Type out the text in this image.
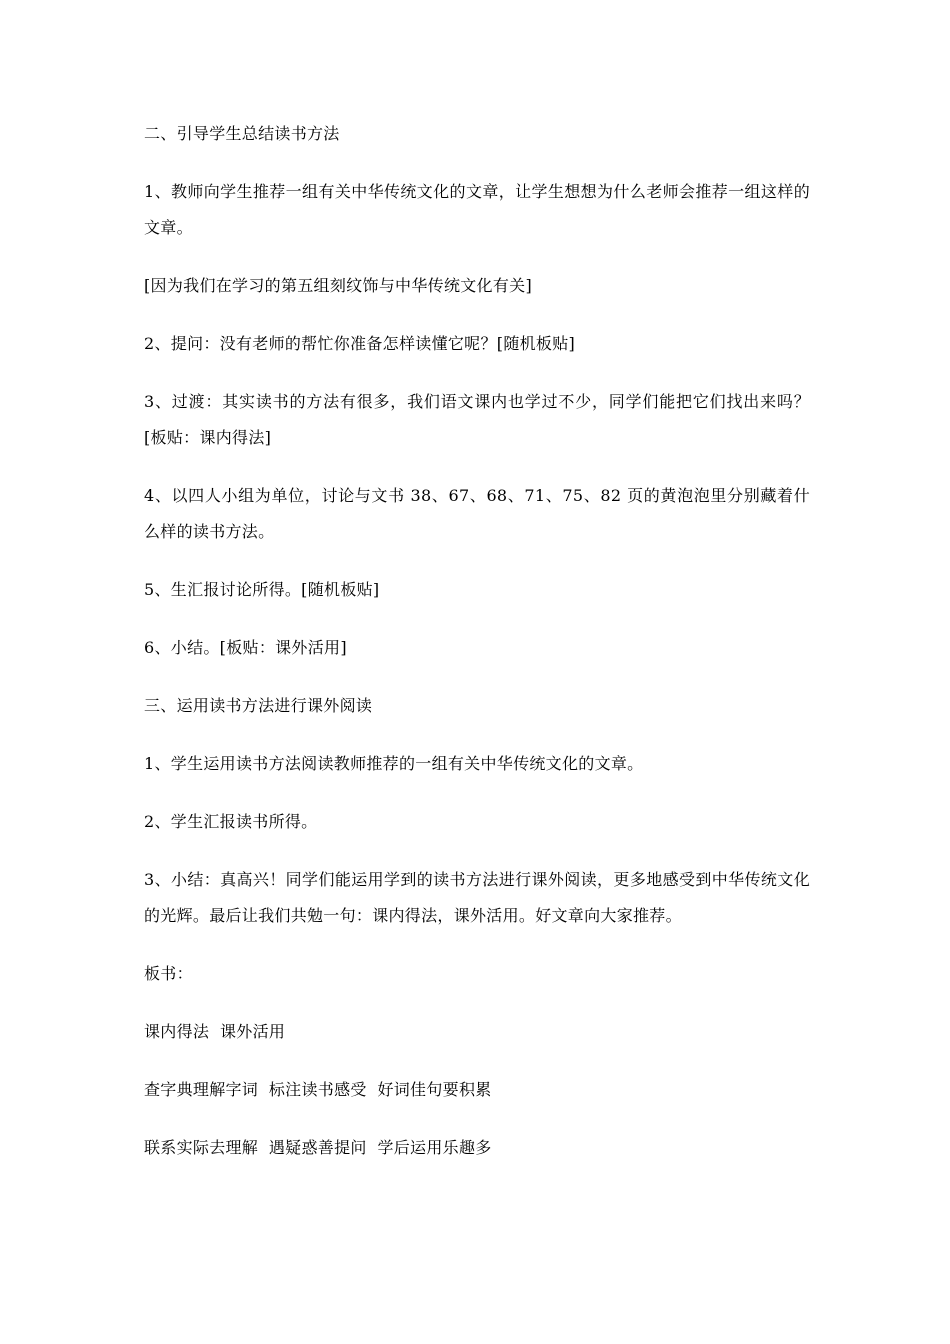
二、引导学生总结读书方法

1、教师向学生推荐一组有关中华传统文化的文章，让学生想想为什么老师会推荐一组这样的文章。

[因为我们在学习的第五组刻纹饰与中华传统文化有关]

2、提问：没有老师的帮忙你准备怎样读懂它呢？[随机板贴]

3、过渡：其实读书的方法有很多，我们语文课内也学过不少，同学们能把它们找出来吗？[板贴：课内得法]

4、以四人小组为单位，讨论与文书 38、67、68、71、75、82 页的黄泡泡里分别藏着什么样的读书方法。

5、生汇报讨论所得。[随机板贴]

6、小结。[板贴：课外活用]

三、运用读书方法进行课外阅读

1、学生运用读书方法阅读教师推荐的一组有关中华传统文化的文章。

2、学生汇报读书所得。

3、小结：真高兴！同学们能运用学到的读书方法进行课外阅读，更多地感受到中华传统文化的光辉。最后让我们共勉一句：课内得法，课外活用。好文章向大家推荐。

板书：

课内得法  课外活用

查字典理解字词  标注读书感受  好词佳句要积累

联系实际去理解  遇疑惑善提问  学后运用乐趣多
